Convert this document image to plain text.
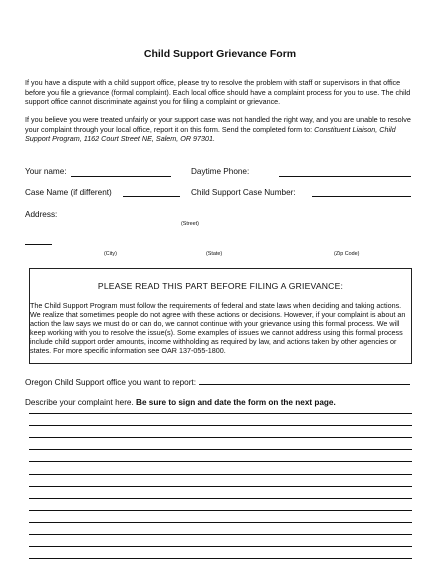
Child Support Grievance Form
If you have a dispute with a child support office, please try to resolve the problem with staff or supervisors in that office before you file a grievance (formal complaint). Each local office should have a complaint process for you to use. The child support office cannot discriminate against you for filing a complaint or grievance.
If you believe you were treated unfairly or your support case was not handled the right way, and you are unable to resolve your complaint through your local office, report it on this form. Send the completed form to: Constituent Liaison, Child Support Program, 1162 Court Street NE, Salem, OR 97301.
Your name:	Daytime Phone:
Case Name (if different)	Child Support Case Number:
Address:
(Street)
(City)	(State)	(Zip Code)
PLEASE READ THIS PART BEFORE FILING A GRIEVANCE:
The Child Support Program must follow the requirements of federal and state laws when deciding and taking actions. We realize that sometimes people do not agree with these actions or decisions. However, if your complaint is about an action the law says we must do or can do, we cannot continue with your grievance using this formal process. We will keep working with you to resolve the issue(s). Some examples of issues we cannot address using this formal process include child support order amounts, income withholding as required by law, and actions taken by other agencies or states. For more specific information see OAR 137-055-1800.
Oregon Child Support office you want to report:
Describe your complaint here. Be sure to sign and date the form on the next page.
